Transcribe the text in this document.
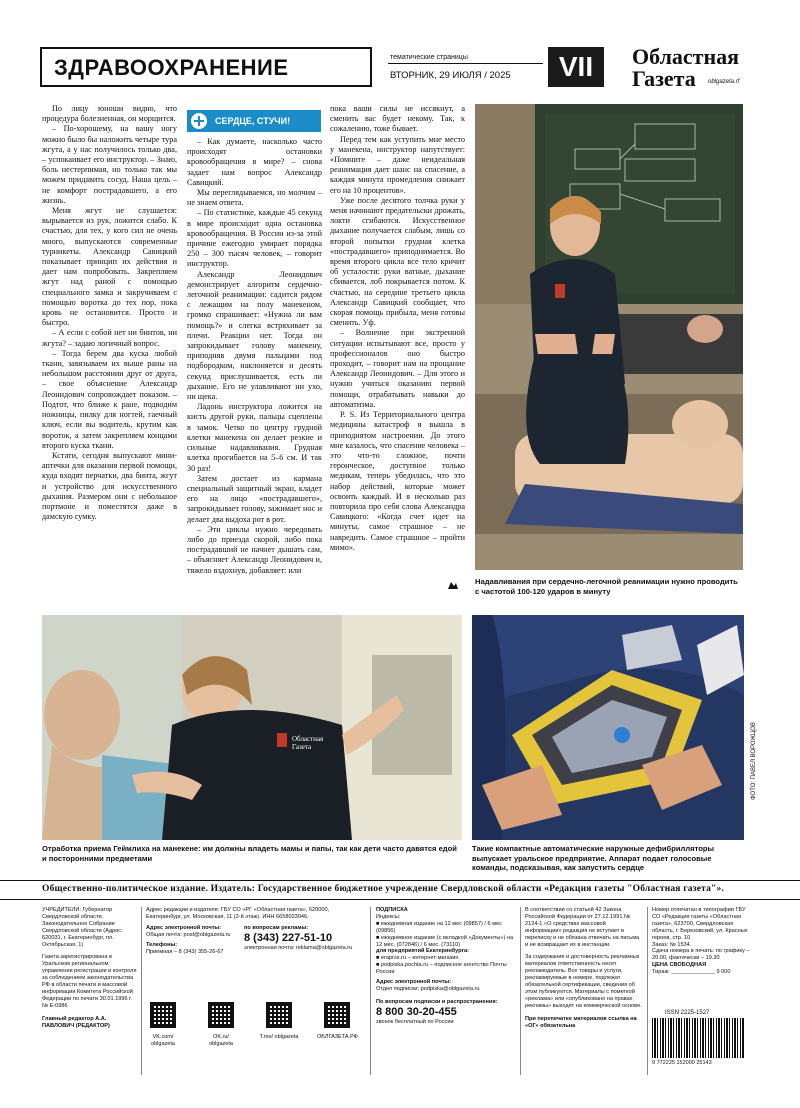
ЗДРАВООХРАНЕНИЕ	тематические страницы
ВТОРНИК, 29 ИЮЛЯ / 2025	VII	Областная
Газета oblgazeta.rf

По лицу юноши видно, что процедура болезненная, он морщится.

– По-хорошему, на вашу ногу можно было бы наложить четыре тура жгута, а у нас получилось только два, – успокаивает его инструктор. – Знаю, боль нестерпимая, но только так мы можем придавить сосуд. Наша цель – не комфорт пострадавшего, а его жизнь.

Меня жгут не слушается: вырывается из рук, ложится слабо. К счастью, для тех, у кого сил не очень много, выпускаются современные турникеты. Александр Савицкий показывает принцип их действия и дает нам попробовать. Закрепляем жгут над раной с помощью специального замка и закручиваем с помощью воротка до тех пор, пока кровь не остановится. Просто и быстро.

– А если с собой нет ни бинтов, ни жгута? – задаю логичный вопрос.

– Тогда берем два куска любой ткани, завязываем их выше раны на небольшом расстоянии друг от друга, – свое объяснение Александр Леонидович сопровождает показом. – Подтот, что ближе к ране, подводим ножницы, пилку для ногтей, гаечный ключ, если вы водитель, крутим как вороток, а затем закрепляем концами второго куска ткани.

Кстати, сегодня выпускают мини-аптечки для оказания первой помощи, куда входят перчатки, два бинта, жгут и устройство для искусственного дыхания. Размером они с небольшое портмоне и поместятся даже в дамскую сумку.

СЕРДЦЕ, СТУЧИ!

– Как думаете, насколько часто происходят остановки кровообращения в мире? – снова задает нам вопрос Александр Савицкий.

Мы переглядываемся, но молчим – не знаем ответа.

– По статистике, каждые 45 секунд в мире происходит одна остановка кровообращения. В России из-за этой причине ежегодно умирает порядка 250 – 300 тысяч человек, – говорит инструктор.

Александр Леонидович демонстрирует алгоритм сердечно-легочной реанимации: садится рядом с лежащим на полу манекеном, громко спрашивает: «Нужна ли вам помощь?» и слегка встряхивает за плечи. Реакции нет. Тогда он запрокидывает голову манекену, приподняв двумя пальцами под подбородком, наклоняется и десять секунд прислушивается, есть ли дыхание. Его не улавливают ни ухо, ни щека.

Ладонь инструктора ложится на кисть другой руки, пальцы сцеплены в замок. Четко по центру грудной клетки манекена он делает резкие и сильные надавливания. Грудная клетка прогибается на 5–6 см. И так 30 раз!

Затем достает из кармана специальный защитный экран, кладет его на лицо «пострадавшего», запрокидывает голову, зажимает нос и делает два выдоха рот в рот.

– Эти циклы нужно чередовать либо до приезда скорой, либо пока пострадавший не начнет дышать сам, – объясняет Александр Леонидович и, тяжело вздохнув, добавляет: или

пока ваши силы не иссякнут, а сменить вас будет некому. Так, к сожалению, тоже бывает.

Перед тем как уступить мне место у манекена, инструктор напутствует: «Помните – даже неидеальная реанимация дает шанс на спасение, а каждая минута промедления снижает его на 10 процентов».

Уже после десятого толчка руки у меня начинают предательски дрожать, локти сгибаются. Искусственное дыхание получается слабым, лишь со второй попытки грудная клетка «пострадавшего» приподнимается. Во время второго цикла все тело кричит об усталости: руки ватные, дыхание сбивается, лоб покрывается потом. К счастью, на середине третьего цикла Александр Савицкий сообщает, что скорая помощь прибыла, меня готовы сменить. Уф.

– Волнение при экстренной ситуации испытывают все, просто у профессионалов оно быстро проходит, – говорит нам на прощание Александр Леонидович. – Для этого и нужно учиться оказанию первой помощи, отрабатывать навыки до автоматизма.

P. S. Из Территориального центра медицины катастроф я вышла в приподнятом настроении. До этого мне казалось, что спасение человека – это что-то сложное, почти героическое, доступное только медикам, теперь убедилась, что это набор действий, которые может освоить каждый. И я несколько раз повторила про себя слова Александра Савицкого: «Когда счет идет на минуты, самое страшное – не навредить. Самое страшное – пройти мимо».

Надавливания при сердечно-легочной реанимации нужно проводить с частотой 100-120 ударов в минуту
Областная
Газета
Отработка приема Геймлиха на манекене: им должны владеть мамы и папы, так как дети часто давятся едой и посторонними предметами
Такие компактные автоматические наружные дефибрилляторы выпускает уральское предприятие. Аппарат подает голосовые команды, подсказывая, как запустить сердце
ФОТО: ПАВЕЛ ВОРОЖЦОВ
Общественно-политическое издание. Издатель: Государственное бюджетное учреждение Свердловской области «Редакция газеты "Областная газета"».
УЧРЕДИТЕЛИ: Губернатор Свердловской области, Законодательное Собрание Свердловской области (Адрес: 620031, г. Екатеринбург, пл. Октябрьская, 1)
Газета зарегистрирована в Уральском региональном управлении регистрации и контроля за соблюдением законодательства РФ в области печати и массовой информации Комитета Российской Федерации по печати 30.01.1996 г. № Е-0986
Главный редактор А.А. ПАВЛОВИЧ (РЕДАКТОР)
Адрес редакции и издателя: ГБУ СО «РГ «Областная газета», 620000, Екатеринбург, ул. Московская, 11 (2-й этаж). ИНН 6658023046.
Адрес электронной почты:
Общая почта: post@oblgazeta.ru
Телефоны:
Приемная – 8 (343) 355-26-67
по вопросам рекламы:
8 (343) 227-51-10
электронная почта: reklama@oblgazeta.ru
VK.com/ oblgazeta
OK.ru/ oblgazeta
T.me/ oblgazeta	ОБЛГАЗЕТА.РФ
ПОДПИСКА
Индексы:
■ ежедневная издание на 12 мес (09857) / 6 мес (09856)
■ ежедневное издание (с вкладкой «Документы») на 12 мес. (072846) / 6 мес. (73110)
для предприятий Екатеринбурга:
■ eraprss.ru – интернет-магазин
■ podpiska.pochta.ru – подписное агентство Почты России
Адрес электронной почты:
Отдел подписки: podpiska@oblgazeta.ru
По вопросам подписки и распространения:
8 800 30-20-455
звонок бесплатный по России
В соответствии со статьей 42 Закона Российской Федерации от 27.12.1991 № 2124-1 «О средствах массовой информации» редакция не вступает в переписку и не обязана отвечать на письма и не возвращает их в инстанции.
За содержание и достоверность рекламных материалов ответственность несет рекламодатель. Все товары и услуги, рекламируемые в номере, подлежат обязательной сертификации, сведения об этом публикуются. Материалы с пометкой «реклама» или «опубликовано на правах рекламы» выходят на коммерческой основе.
При перепечатке материалов ссылка на «ОГ» обязательна
Номер отпечатан в типографии ГБУ СО «Редакция газеты «Областная газета», 623700, Свердловская область, г. Березовский, ул. Красных героев, стр. 10
Заказ: № 1534.
Сдача номера в печать: по графику – 20.00, фактически – 19.30
ЦЕНА СВОБОДНАЯ
Тираж: ______________ 9 000
ISSN 2225-1527
9 772225 152000 25143
